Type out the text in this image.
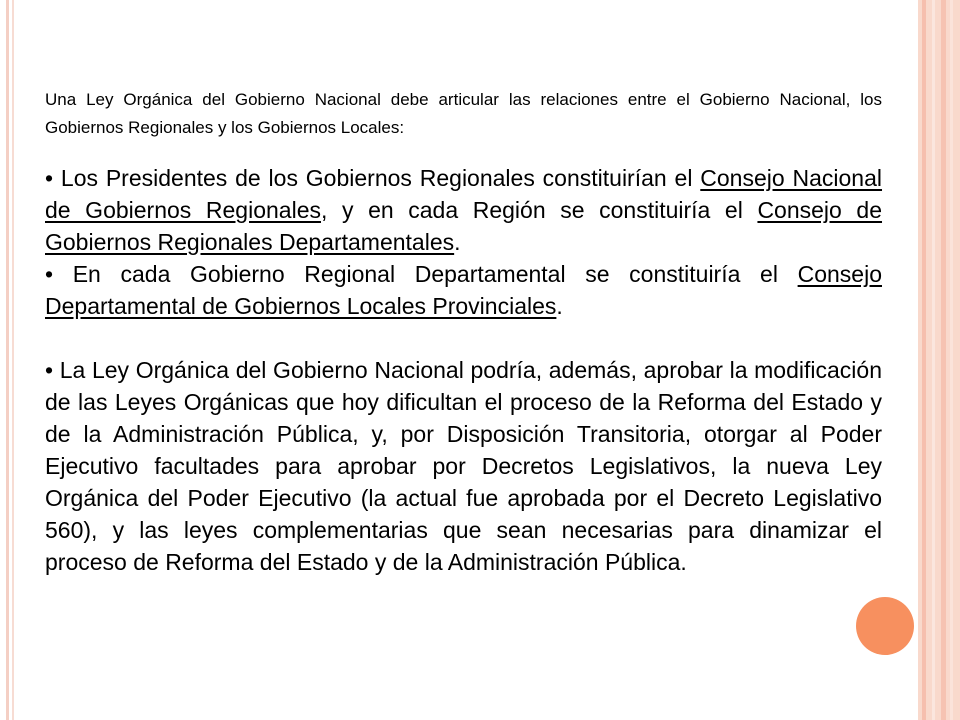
Una Ley Orgánica del Gobierno Nacional debe articular las relaciones entre el Gobierno Nacional, los Gobiernos Regionales y los Gobiernos Locales:

• Los Presidentes de los Gobiernos Regionales constituirían el Consejo Nacional de Gobiernos Regionales, y en cada Región se constituiría el Consejo de Gobiernos Regionales Departamentales.

• En cada Gobierno Regional Departamental se constituiría el Consejo Departamental de Gobiernos Locales Provinciales.

• La Ley Orgánica del Gobierno Nacional podría, además, aprobar la modificación de las Leyes Orgánicas que hoy dificultan el proceso de la Reforma del Estado y de la Administración Pública, y, por Disposición Transitoria, otorgar al Poder Ejecutivo facultades para aprobar por Decretos Legislativos, la nueva Ley Orgánica del Poder Ejecutivo (la actual fue aprobada por el Decreto Legislativo 560), y las leyes complementarias que sean necesarias para dinamizar el proceso de Reforma del Estado y de la Administración Pública.
